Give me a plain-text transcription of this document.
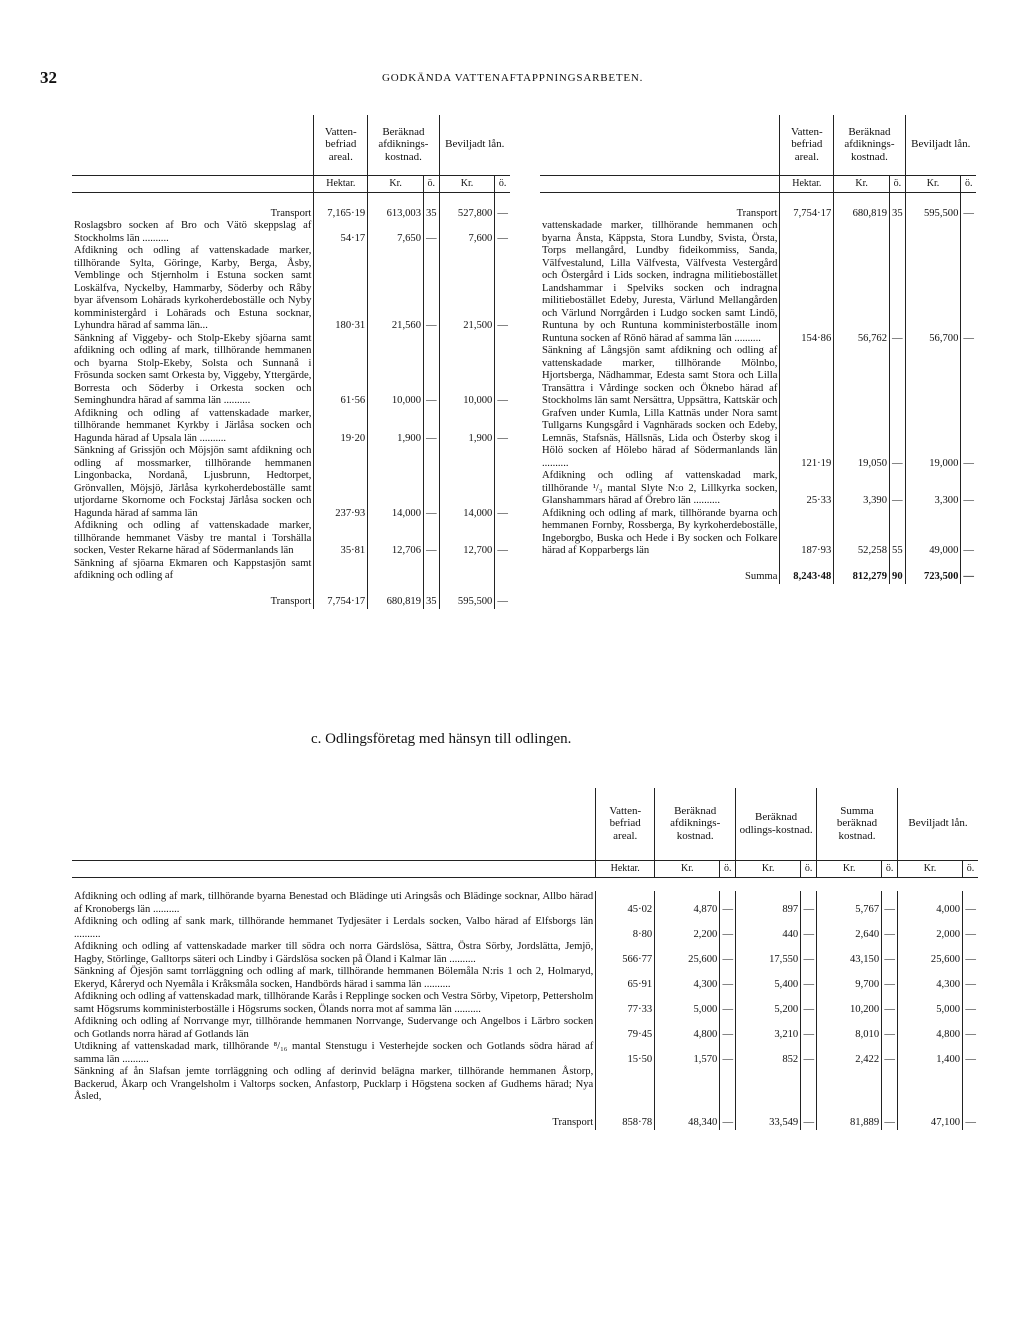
32	GODKÄNDA VATTENAFTAPPNINGSARBETEN.
	Vatten-befriad areal.	Beräknad afdiknings-kostnad.		Beviljadt lån.	
	Hektar.	Kr.	ö.	Kr.	ö.
Transport	7,165·19	613,003	35	527,800	—
Roslagsbro socken af Bro och Vätö skeppslag af Stockholms län ..........	54·17	7,650	—	7,600	—
Afdikning och odling af vattenskadade marker, tillhörande Sylta, Göringe, Karby, Berga, Åsby, Vemblinge och Stjernholm i Estuna socken samt Loskälfva, Nyckelby, Hammarby, Söderby och Råby byar äfvensom Lohärads kyrkoherdeboställe och Nyby komministergård i Lohärads och Estuna socknar, Lyhundra härad af samma län...	180·31	21,560	—	21,500	—
Sänkning af Viggeby- och Stolp-Ekeby sjöarna samt afdikning och odling af mark, tillhörande hemmanen och byarna Stolp-Ekeby, Solsta och Sunnanå i Frösunda socken samt Orkesta by, Viggeby, Yttergärde, Borresta och Söderby i Orkesta socken och Seminghundra härad af samma län ..........	61·56	10,000	—	10,000	—
Afdikning och odling af vattenskadade marker, tillhörande hemmanet Kyrkby i Järlåsa socken och Hagunda härad af Upsala län ..........	19·20	1,900	—	1,900	—
Sänkning af Grissjön och Möjsjön samt afdikning och odling af mossmarker, tillhörande hemmanen Lingonbacka, Nordanå, Ljusbrunn, Hedtorpet, Grönvallen, Möjsjö, Järlåsa kyrkoherdeboställe samt utjordarne Skornome och Fockstaj Järlåsa socken och Hagunda härad af samma län	237·93	14,000	—	14,000	—
Afdikning och odling af vattenskadade marker, tillhörande hemmanet Väsby tre mantal i Torshälla socken, Vester Rekarne härad af Södermanlands län	35·81	12,706	—	12,700	—
Sänkning af sjöarna Ekmaren och Kappstasjön samt afdikning och odling af					
Transport	7,754·17	680,819	35	595,500	—
	Vatten-befriad areal.	Beräknad afdiknings-kostnad.		Beviljadt lån.	
	Hektar.	Kr.	ö.	Kr.	ö.
Transport	7,754·17	680,819	35	595,500	—
vattenskadade marker, tillhörande hemmanen och byarna Ånsta, Käppsta, Stora Lundby, Svista, Örsta, Torps mellangård, Lundby fideikommiss, Sanda, Välfvestalund, Lilla Välfvesta, Välfvesta Vestergård och Östergård i Lids socken, indragna militiebostället Landshammar i Spelviks socken och indragna militiebostället Edeby, Juresta, Värlund Mellangården och Värlund Norrgården i Ludgo socken samt Lindö, Runtuna by och Runtuna komministerboställe inom Runtuna socken af Rönö härad af samma län ..........	154·86	56,762	—	56,700	—
Sänkning af Långsjön samt afdikning och odling af vattenskadade marker, tillhörande Mölnbo, Hjortsberga, Nädhammar, Edesta samt Stora och Lilla Transättra i Vårdinge socken och Öknebo härad af Stockholms län samt Nersättra, Uppsättra, Kattskär och Grafven under Kumla, Lilla Kattnäs under Nora samt Tullgarns Kungsgård i Vagnhärads socken och Edeby, Lemnäs, Stafsnäs, Hällsnäs, Lida och Österby skog i Hölö socken af Hölebo härad af Södermanlands län ..........	121·19	19,050	—	19,000	—
Afdikning och odling af vattenskadad mark, tillhörande ¹/₃ mantal Slyte N:o 2, Lillkyrka socken, Glanshammars härad af Örebro län ..........	25·33	3,390	—	3,300	—
Afdikning och odling af mark, tillhörande byarna och hemmanen Fornby, Rossberga, By kyrkoherdeboställe, Ingeborgbo, Buska och Hede i By socken och Folkare härad af Kopparbergs län	187·93	52,258	55	49,000	—
Summa	8,243·48	812,279	90	723,500	—
c. Odlingsföretag med hänsyn till odlingen.
	Vatten-befriad areal.	Beräknad afdiknings-kostnad.		Beräknad odlings-kostnad.		Summa beräknad kostnad.		Beviljadt lån.	
	Hektar.	Kr.	ö.	Kr.	ö.	Kr.	ö.	Kr.	ö.

Afdikning och odling af mark, tillhörande byarna Benestad och Blädinge uti Aringsås och Blädinge socknar, Allbo härad af Kronobergs län ..........	45·02	4,870	—	897	—	5,767	—	4,000	—
Afdikning och odling af sank mark, tillhörande hemmanet Tydjesäter i Lerdals socken, Valbo härad af Elfsborgs län ..........	8·80	2,200	—	440	—	2,640	—	2,000	—
Afdikning och odling af vattenskadade marker till södra och norra Gärdslösa, Sättra, Östra Sörby, Jordslätta, Jemjö, Hagby, Störlinge, Galltorps säteri och Lindby i Gärdslösa socken på Öland i Kalmar län ..........	566·77	25,600	—	17,550	—	43,150	—	25,600	—
Sänkning af Öjesjön samt torrläggning och odling af mark, tillhörande hemmanen Bölemåla N:ris 1 och 2, Holmaryd, Ekeryd, Kåreryd och Nyemåla i Kråksmåla socken, Handbörds härad i samma län ..........	65·91	4,300	—	5,400	—	9,700	—	4,300	—
Afdikning och odling af vattenskadad mark, tillhörande Karås i Repplinge socken och Vestra Sörby, Vipetorp, Pettersholm samt Högsrums komministerboställe i Högsrums socken, Ölands norra mot af samma län ..........	77·33	5,000	—	5,200	—	10,200	—	5,000	—
Afdikning och odling af Norrvange myr, tillhörande hemmanen Norrvange, Sudervange och Angelbos i Lärbro socken och Gotlands norra härad af Gotlands län	79·45	4,800	—	3,210	—	8,010	—	4,800	—
Utdikning af vattenskadad mark, tillhörande ⁸/₁₆ mantal Stenstugu i Vesterhejde socken och Gotlands södra härad af samma län ..........	15·50	1,570	—	852	—	2,422	—	1,400	—
Sänkning af ån Slafsan jemte torrläggning och odling af derinvid belägna marker, tillhörande hemmanen Åstorp, Backerud, Åkarp och Vrangelsholm i Valtorps socken, Anfastorp, Pucklarp i Högstena socken af Gudhems härad; Nya Åsled,									
Transport	858·78	48,340	—	33,549	—	81,889	—	47,100	—
